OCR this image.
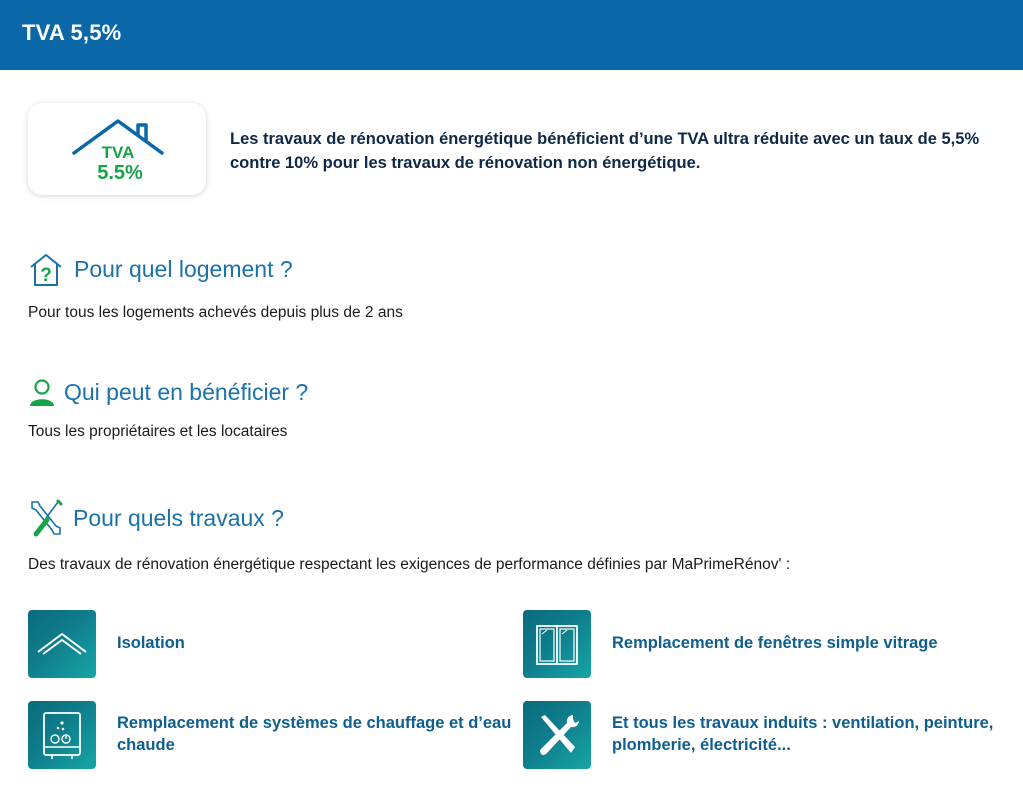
TVA 5,5%
TVA
5.5%
Les travaux de rénovation énergétique bénéficient d’une TVA ultra réduite avec un taux de 5,5% contre 10% pour les travaux de rénovation non énergétique.
? Pour quel logement ?
Pour tous les logements achevés depuis plus de 2 ans
Qui peut en bénéficier ?
Tous les propriétaires et les locataires
Pour quels travaux ?
Des travaux de rénovation énergétique respectant les exigences de performance définies par MaPrimeRénov' :
Isolation	Remplacement de fenêtres simple vitrage
Remplacement de systèmes de chauffage et d’eau chaude
Et tous les travaux induits : ventilation, peinture, plomberie, électricité...
